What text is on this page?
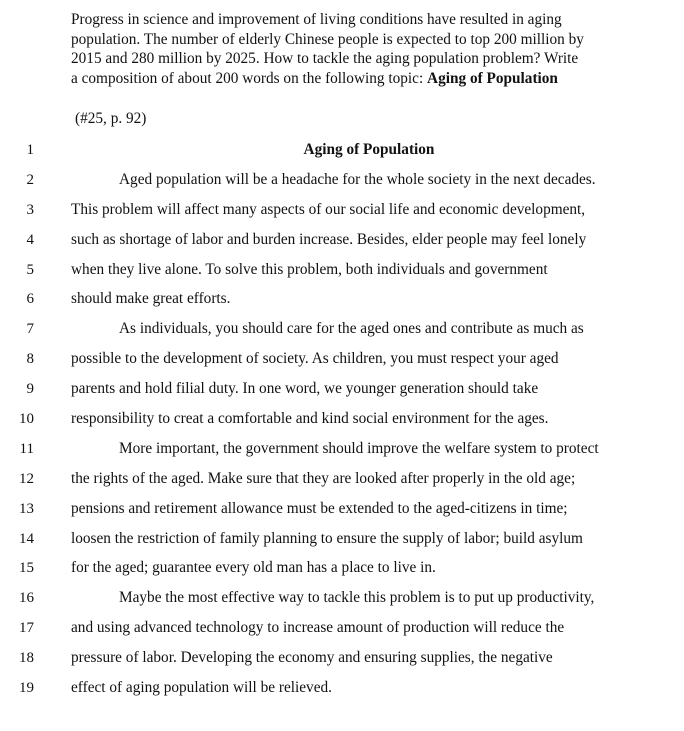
Progress in science and improvement of living conditions have resulted in aging
population. The number of elderly Chinese people is expected to top 200 million by
2015 and 280 million by 2025. How to tackle the aging population problem? Write
a composition of about 200 words on the following topic: Aging of Population
(#25, p. 92)
1	Aging of Population
2	Aged population will be a headache for the whole society in the next decades.
3 This problem will affect many aspects of our social life and economic development,
4 such as shortage of labor and burden increase. Besides, elder people may feel lonely
5 when they live alone. To solve this problem, both individuals and government
6 should make great efforts.
7	As individuals, you should care for the aged ones and contribute as much as
8 possible to the development of society. As children, you must respect your aged
9 parents and hold filial duty. In one word, we younger generation should take
10 responsibility to creat a comfortable and kind social environment for the ages.
11	More important, the government should improve the welfare system to protect
12 the rights of the aged. Make sure that they are looked after properly in the old age;
13 pensions and retirement allowance must be extended to the aged-citizens in time;
14 loosen the restriction of family planning to ensure the supply of labor; build asylum
15 for the aged; guarantee every old man has a place to live in.
16	Maybe the most effective way to tackle this problem is to put up productivity,
17 and using advanced technology to increase amount of production will reduce the
18 pressure of labor. Developing the economy and ensuring supplies, the negative
19 effect of aging population will be relieved.
